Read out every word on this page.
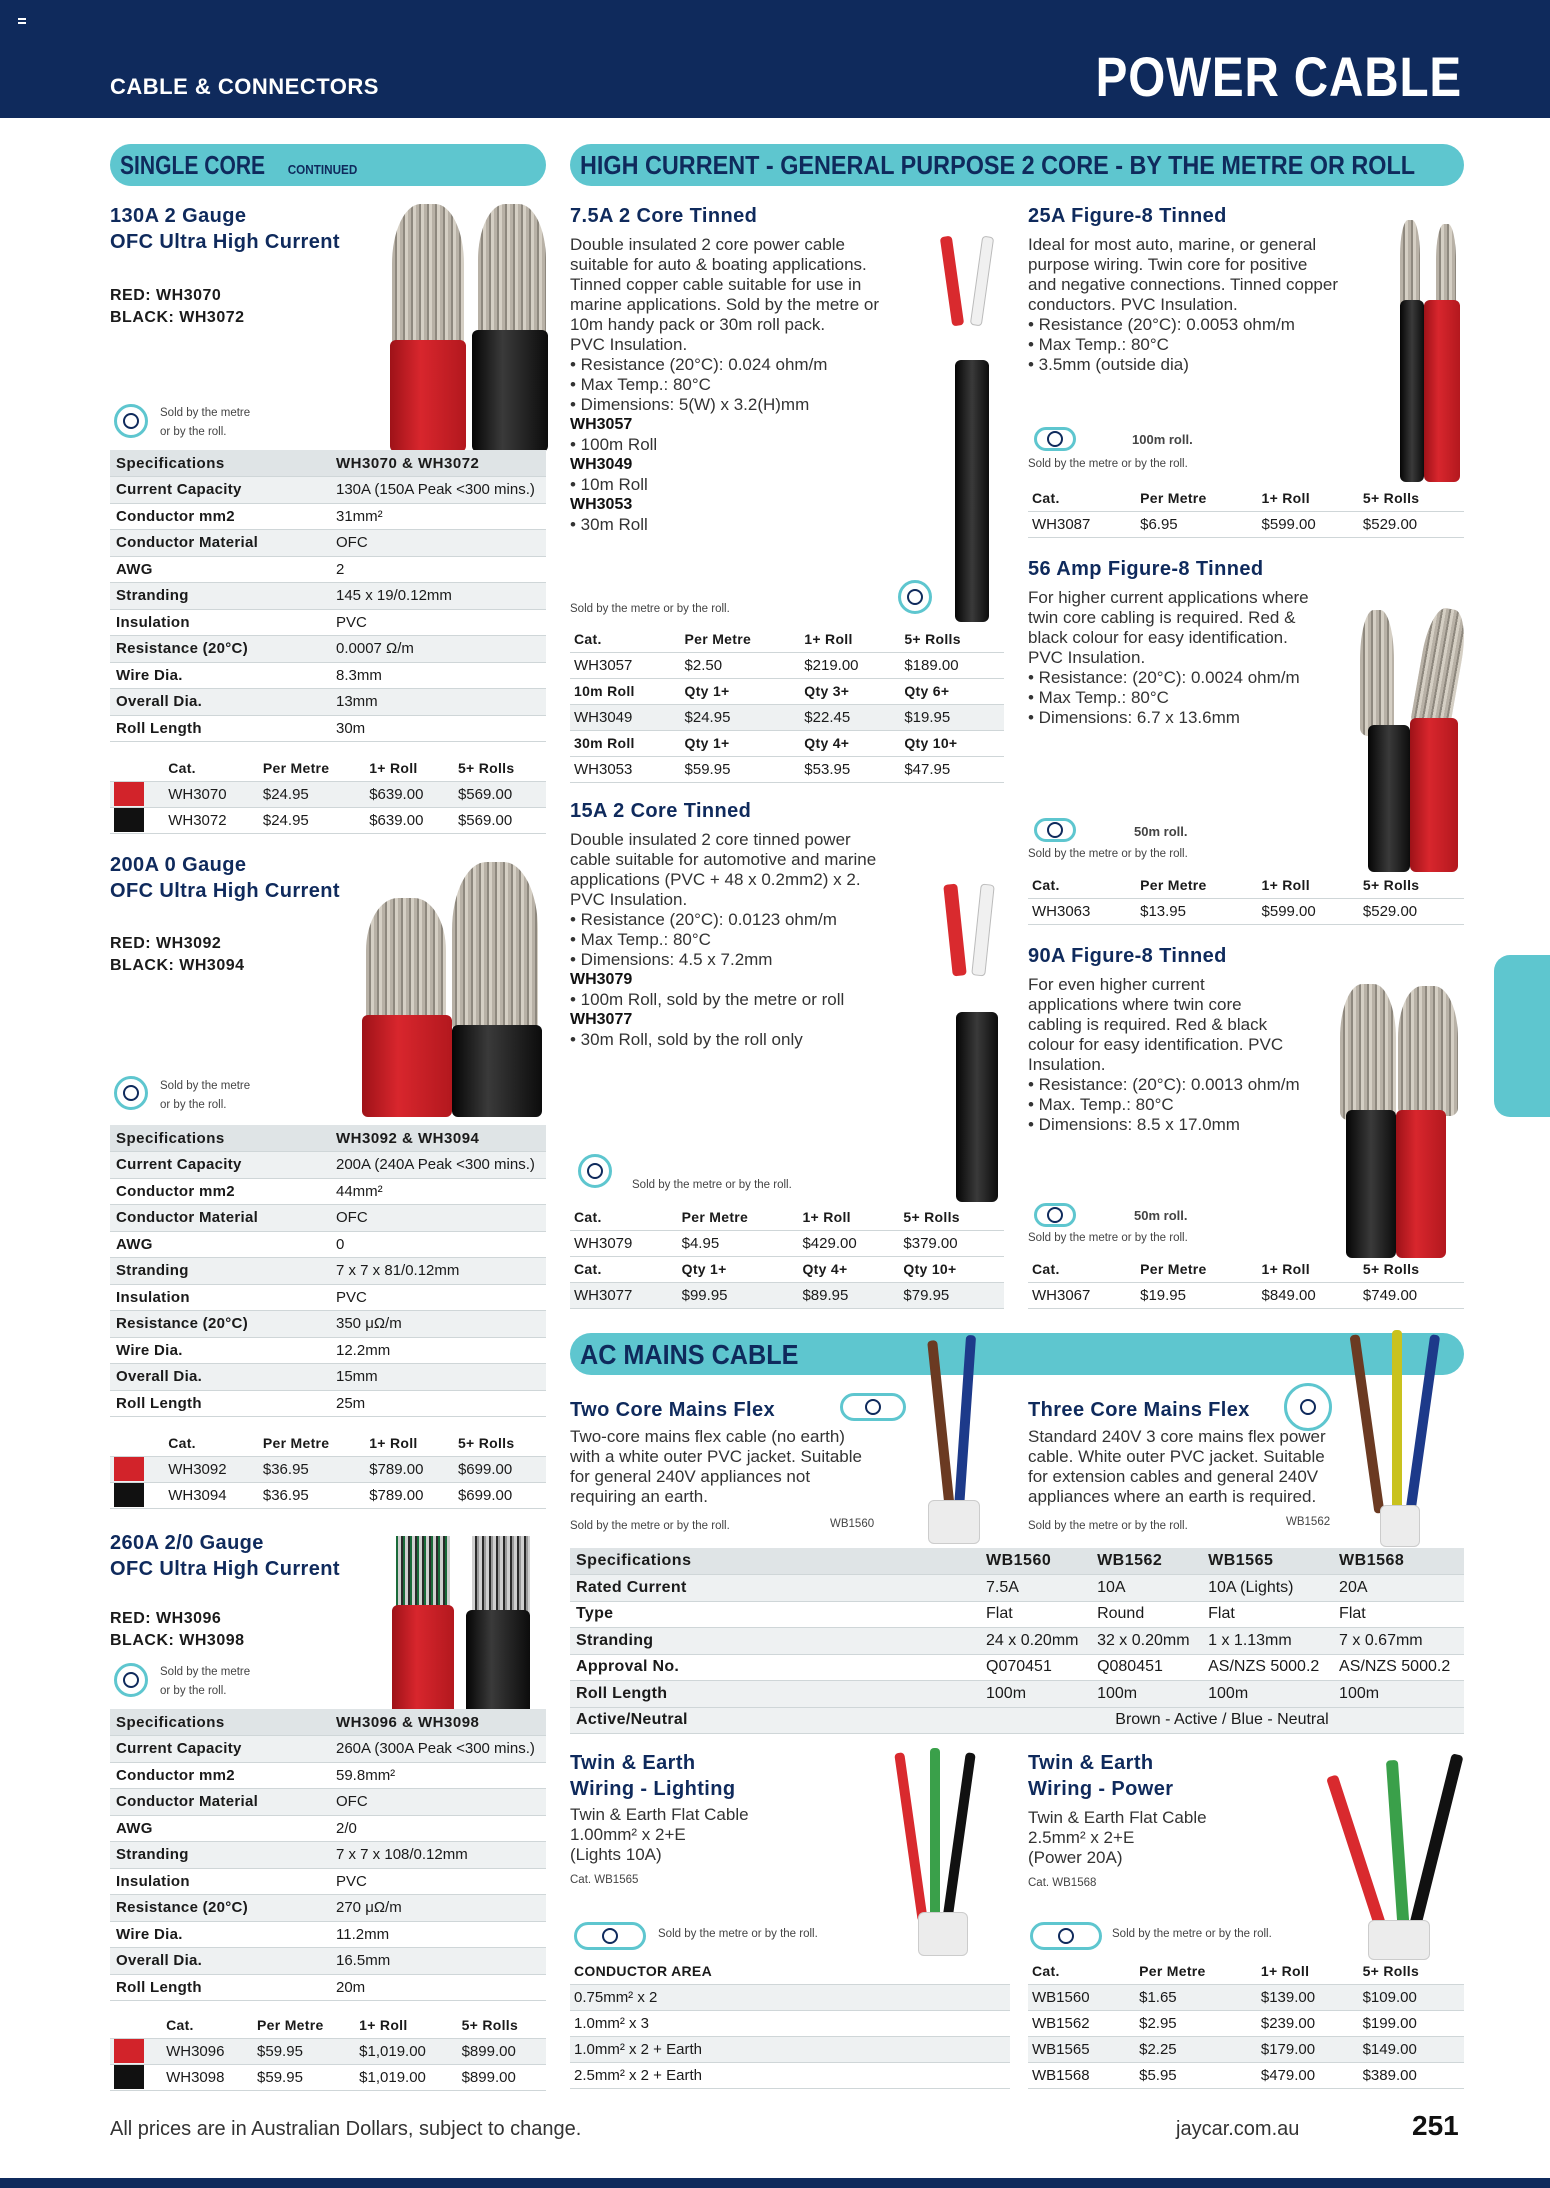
CABLE & CONNECTORS	POWER CABLE
SINGLE CORE CONTINUED	HIGH CURRENT - GENERAL PURPOSE 2 CORE - BY THE METRE OR ROLL
AC MAINS CABLE
130A 2 Gauge
OFC Ultra High Current
RED: WH3070
BLACK: WH3072
Sold by the metre
or by the roll.
Specifications	WH3070 & WH3072
Current Capacity	130A (150A Peak <300 mins.)
Conductor mm2	31mm²
Conductor Material	OFC
AWG	2
Stranding	145 x 19/0.12mm
Insulation	PVC
Resistance (20°C)	0.0007 Ω/m
Wire Dia.	8.3mm
Overall Dia.	13mm
Roll Length	30m
	Cat.	Per Metre	1+ Roll	5+ Rolls
	WH3070	$24.95	$639.00	$569.00
	WH3072	$24.95	$639.00	$569.00
200A 0 Gauge
OFC Ultra High Current
RED: WH3092
BLACK: WH3094
Sold by the metre
or by the roll.
Specifications	WH3092 & WH3094
Current Capacity	200A (240A Peak <300 mins.)
Conductor mm2	44mm²
Conductor Material	OFC
AWG	0
Stranding	7 x 7 x 81/0.12mm
Insulation	PVC
Resistance (20°C)	350 μΩ/m
Wire Dia.	12.2mm
Overall Dia.	15mm
Roll Length	25m
	Cat.	Per Metre	1+ Roll	5+ Rolls
	WH3092	$36.95	$789.00	$699.00
	WH3094	$36.95	$789.00	$699.00
260A 2/0 Gauge
OFC Ultra High Current
RED: WH3096
BLACK: WH3098
Sold by the metre
or by the roll.
Specifications	WH3096 & WH3098
Current Capacity	260A (300A Peak <300 mins.)
Conductor mm2	59.8mm²
Conductor Material	OFC
AWG	2/0
Stranding	7 x 7 x 108/0.12mm
Insulation	PVC
Resistance (20°C)	270 μΩ/m
Wire Dia.	11.2mm
Overall Dia.	16.5mm
Roll Length	20m
	Cat.	Per Metre	1+ Roll	5+ Rolls
	WH3096	$59.95	$1,019.00	$899.00
	WH3098	$59.95	$1,019.00	$899.00
7.5A 2 Core Tinned
Double insulated 2 core power cable
suitable for auto & boating applications.
Tinned copper cable suitable for use in
marine applications. Sold by the metre or
10m handy pack or 30m roll pack.
PVC Insulation.
• Resistance (20°C): 0.024 ohm/m
• Max Temp.: 80°C
• Dimensions: 5(W) x 3.2(H)mm
WH3057
• 100m Roll
WH3049
• 10m Roll
WH3053
• 30m Roll
Sold by the metre or by the roll.
Cat.	Per Metre	1+ Roll	5+ Rolls
WH3057	$2.50	$219.00	$189.00
10m Roll	Qty 1+	Qty 3+	Qty 6+
WH3049	$24.95	$22.45	$19.95
30m Roll	Qty 1+	Qty 4+	Qty 10+
WH3053	$59.95	$53.95	$47.95
15A 2 Core Tinned
Double insulated 2 core tinned power
cable suitable for automotive and marine
applications (PVC + 48 x 0.2mm2) x 2.
PVC Insulation.
• Resistance (20°C): 0.0123 ohm/m
• Max Temp.: 80°C
• Dimensions: 4.5 x 7.2mm
WH3079
• 100m Roll, sold by the metre or roll
WH3077
• 30m Roll, sold by the roll only
Sold by the metre or by the roll.
Cat.	Per Metre	1+ Roll	5+ Rolls
WH3079	$4.95	$429.00	$379.00
Cat.	Qty 1+	Qty 4+	Qty 10+
WH3077	$99.95	$89.95	$79.95
25A Figure-8 Tinned
Ideal for most auto, marine, or general
purpose wiring. Twin core for positive
and negative connections. Tinned copper
conductors. PVC Insulation.
• Resistance (20°C): 0.0053 ohm/m
• Max Temp.: 80°C
• 3.5mm (outside dia)
100m roll.
Sold by the metre or by the roll.
Cat.	Per Metre	1+ Roll	5+ Rolls
WH3087	$6.95	$599.00	$529.00
56 Amp Figure-8 Tinned
For higher current applications where
twin core cabling is required. Red &
black colour for easy identification.
PVC Insulation.
• Resistance: (20°C): 0.0024 ohm/m
• Max Temp.: 80°C
• Dimensions: 6.7 x 13.6mm
50m roll.
Sold by the metre or by the roll.
Cat.	Per Metre	1+ Roll	5+ Rolls
WH3063	$13.95	$599.00	$529.00
90A Figure-8 Tinned
For even higher current
applications where twin core
cabling is required. Red & black
colour for easy identification. PVC
Insulation.
• Resistance: (20°C): 0.0013 ohm/m
• Max. Temp.: 80°C
• Dimensions: 8.5 x 17.0mm
50m roll.
Sold by the metre or by the roll.
Cat.	Per Metre	1+ Roll	5+ Rolls
WH3067	$19.95	$849.00	$749.00
Two Core Mains Flex
Two-core mains flex cable (no earth)
with a white outer PVC jacket. Suitable
for general 240V appliances not
requiring an earth.
Sold by the metre or by the roll.	WB1560
Three Core Mains Flex
Standard 240V 3 core mains flex power
cable. White outer PVC jacket. Suitable
for extension cables and general 240V
appliances where an earth is required.
Sold by the metre or by the roll.	WB1562
Specifications	WB1560	WB1562	WB1565	WB1568
Rated Current	7.5A	10A	10A (Lights)	20A
Type	Flat	Round	Flat	Flat
Stranding	24 x 0.20mm	32 x 0.20mm	1 x 1.13mm	7 x 0.67mm
Approval No.	Q070451	Q080451	AS/NZS 5000.2	AS/NZS 5000.2
Roll Length	100m	100m	100m	100m
Active/Neutral	Brown - Active / Blue - Neutral			
Twin & Earth
Wiring - Lighting
Twin & Earth Flat Cable
1.00mm² x 2+E
(Lights 10A)
Cat. WB1565
Sold by the metre or by the roll.
Twin & Earth
Wiring - Power
Twin & Earth Flat Cable
2.5mm² x 2+E
(Power 20A)
Cat. WB1568
Sold by the metre or by the roll.
CONDUCTOR AREA
0.75mm² x 2
1.0mm² x 3
1.0mm² x 2 + Earth
2.5mm² x 2 + Earth
Cat.	Per Metre	1+ Roll	5+ Rolls
WB1560	$1.65	$139.00	$109.00
WB1562	$2.95	$239.00	$199.00
WB1565	$2.25	$179.00	$149.00
WB1568	$5.95	$479.00	$389.00
All prices are in Australian Dollars, subject to change.	jaycar.com.au	251
